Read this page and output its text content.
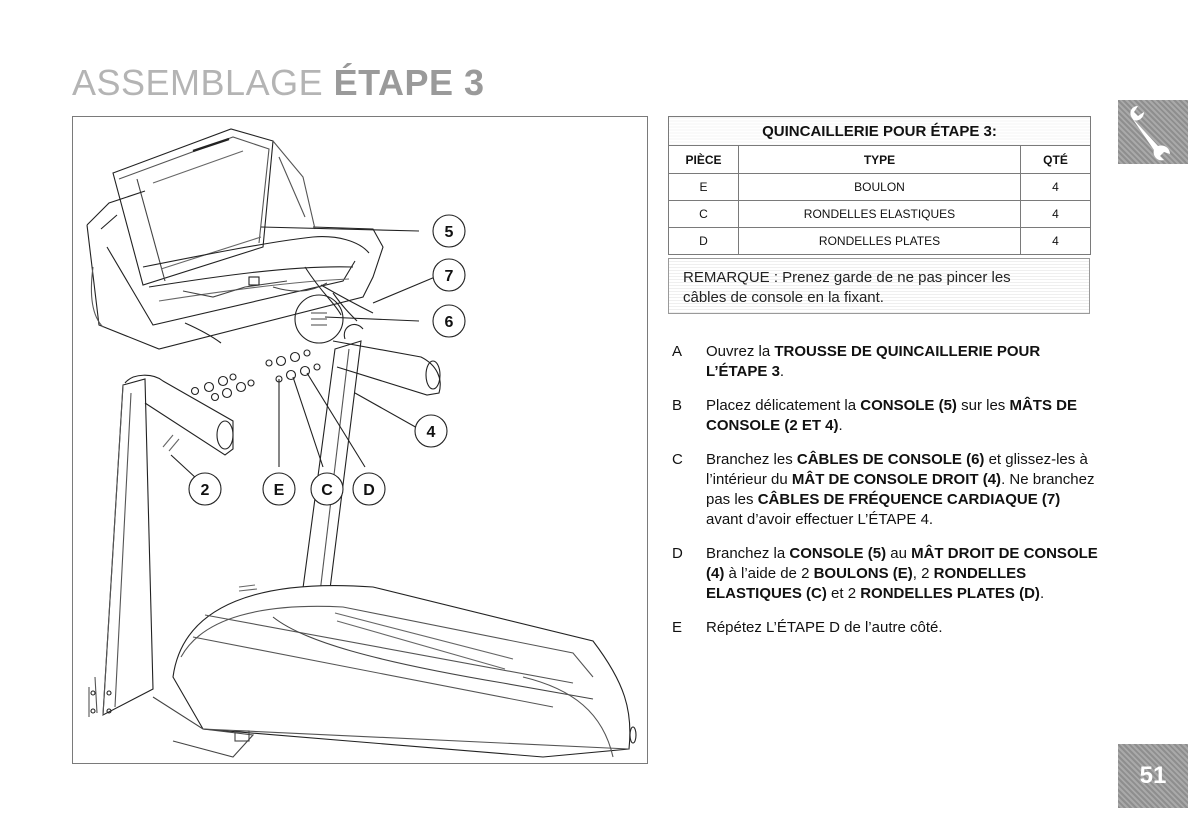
ASSEMBLAGE ÉTAPE 3
5
7
6
4
2	E C D
QUINCAILLERIE POUR ÉTAPE 3:		
PIÈCE	TYPE	QTÉ
E	BOULON	4
C	RONDELLES ELASTIQUES	4
D	RONDELLES PLATES	4
REMARQUE : Prenez garde de ne pas pincer les
câbles de console en la fixant.
A Ouvrez la TROUSSE DE QUINCAILLERIE POUR L’ÉTAPE 3.
B Placez délicatement la CONSOLE (5) sur les MÂTS DE CONSOLE (2 ET 4).
C Branchez les CÂBLES DE CONSOLE (6) et glissez-les à l’intérieur du MÂT DE CONSOLE DROIT (4). Ne branchez pas les CÂBLES DE FRÉQUENCE CARDIAQUE (7) avant d’avoir effectuer L’ÉTAPE 4.
D Branchez la CONSOLE (5) au MÂT DROIT DE CONSOLE (4) à l’aide de 2 BOULONS (E), 2 RONDELLES ELASTIQUES (C) et 2 RONDELLES PLATES (D).
E Répétez L’ÉTAPE D de l’autre côté.
51
